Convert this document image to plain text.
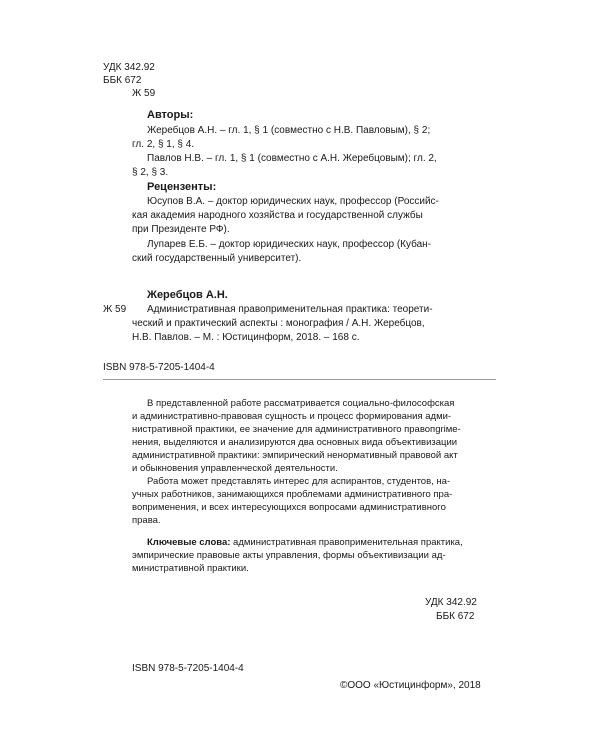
УДК 342.92
ББК 672
Ж 59
Авторы:
Жеребцов А.Н. – гл. 1, § 1 (совместно с Н.В. Павловым), § 2;
гл. 2, § 1, § 4.
Павлов Н.В. – гл. 1, § 1 (совместно с А.Н. Жеребцовым); гл. 2,
§ 2, § 3.
Рецензенты:
Юсупов В.А. – доктор юридических наук, профессор (Российс-
кая академия народного хозяйства и государственной службы
при Президенте РФ).
Лупарев Е.Б. – доктор юридических наук, профессор (Кубан-
ский государственный университет).
Жеребцов А.Н.
Ж 59 Административная правоприменительная практика: теорети-
ческий и практический аспекты : монография / А.Н. Жеребцов,
Н.В. Павлов. – М. : Юстицинформ, 2018. – 168 с.
ISBN 978-5-7205-1404-4
В представленной работе рассматривается социально-философская
и административно-правовая сущность и процесс формирования адми-
нистративной практики, ее значение для административного правопgriме-
нения, выделяются и анализируются два основных вида объективизации
административной практики: эмпирический ненормативный правовой акт
и обыкновения управленческой деятельности.
Работа может представлять интерес для аспирантов, студентов, на-
учных работников, занимающихся проблемами административного пра-
воприменения, и всех интересующихся вопросами административного
права.
Ключевые слова: административная правоприменительная практика,
эмпирические правовые акты управления, формы объективизации ад-
министративной практики.
УДК 342.92
ББК 672
ISBN 978-5-7205-1404-4
©ООО «Юстицинформ», 2018
